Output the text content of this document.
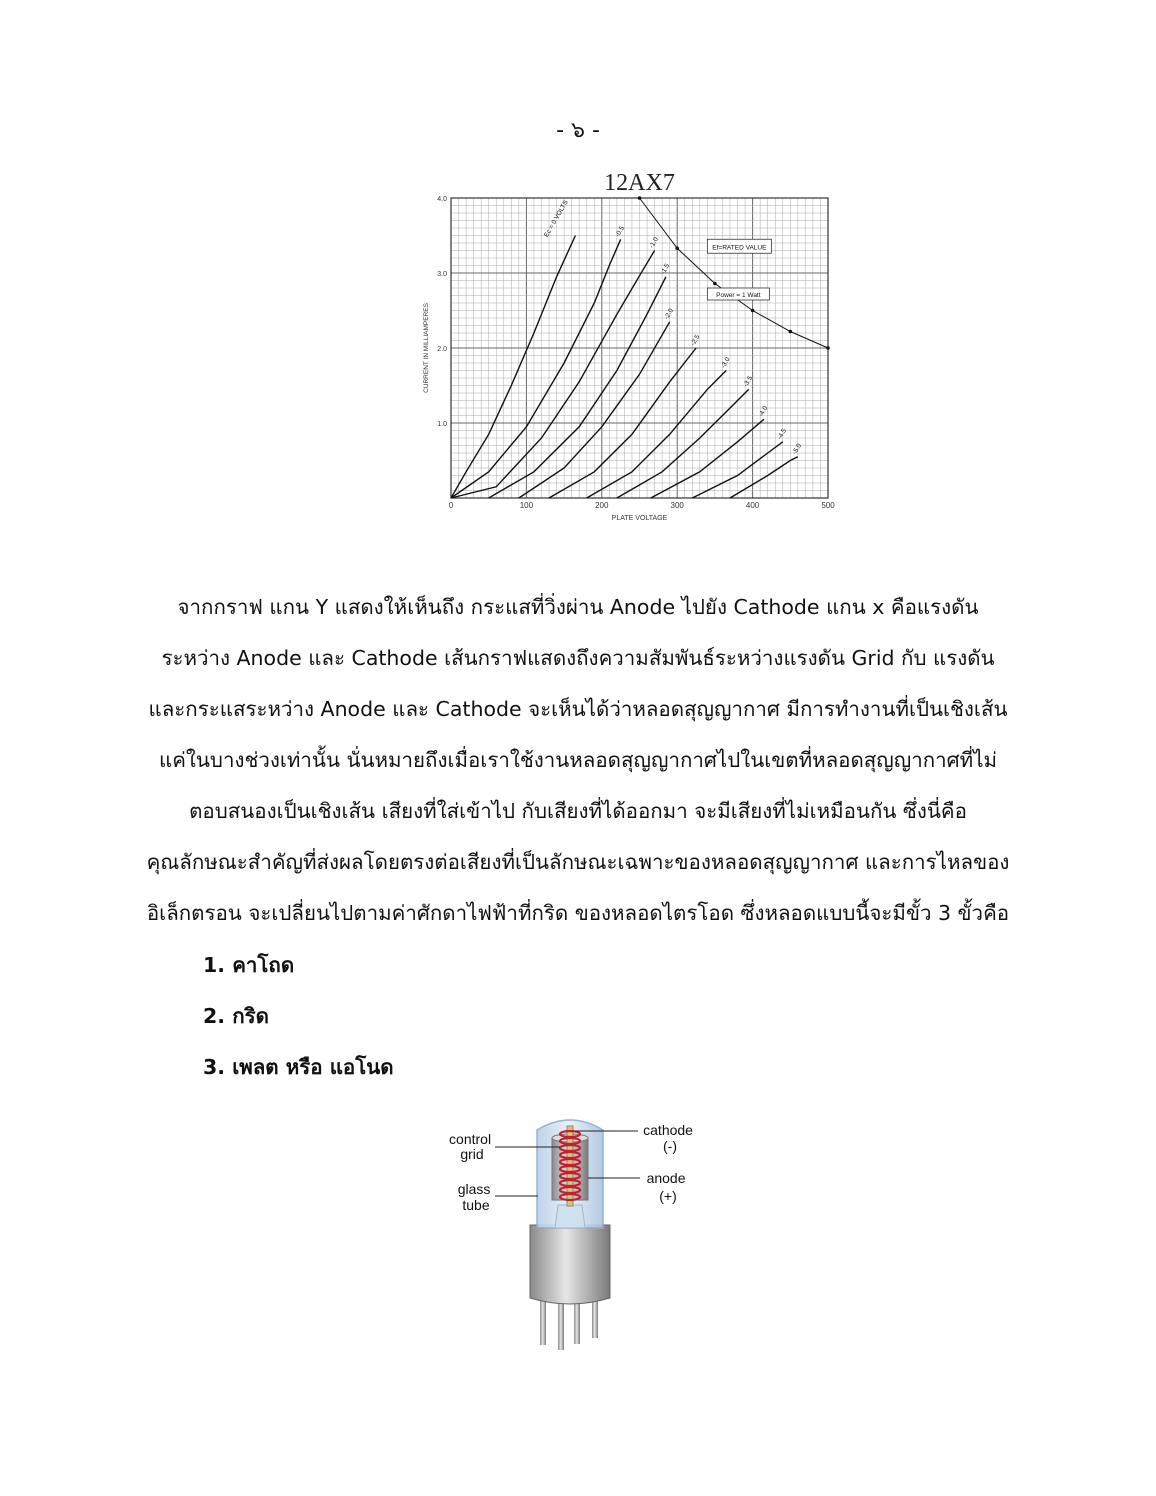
- ๖ -
12AX7
0	100	200	300	400	500
1.0
2.0
3.0
4.0
PLATE VOLTAGE
CURRENT IN MILLIAMPERES
Ec = 0 VOLTS	-0.5
-1.0
-1.5
-2.0
-2.5
-3.0
-3.5
-4.0
-4.5
-5.0
Ef=RATED VALUE
Power = 1 Watt

จากกราฟ แกน Y แสดงให้เห็นถึง กระแสที่วิ่งผ่าน Anode ไปยัง Cathode แกน x คือแรงดัน

ระหว่าง Anode และ Cathode เส้นกราฟแสดงถึงความสัมพันธ์ระหว่างแรงดัน Grid กับ แรงดัน

และกระแสระหว่าง Anode และ Cathode จะเห็นได้ว่าหลอดสุญญากาศ มีการทำงานที่เป็นเชิงเส้น

แค่ในบางช่วงเท่านั้น นั่นหมายถึงเมื่อเราใช้งานหลอดสุญญากาศไปในเขตที่หลอดสุญญากาศที่ไม่

ตอบสนองเป็นเชิงเส้น เสียงที่ใส่เข้าไป กับเสียงที่ได้ออกมา จะมีเสียงที่ไม่เหมือนกัน ซึ่งนี่คือ

คุณลักษณะสำคัญที่ส่งผลโดยตรงต่อเสียงที่เป็นลักษณะเฉพาะของหลอดสุญญากาศ และการไหลของ

อิเล็กตรอน จะเปลี่ยนไปตามค่าศักดาไฟฟ้าที่กริด ของหลอดไตรโอด ซึ่งหลอดแบบนี้จะมีขั้ว 3 ขั้วคือ

1. คาโถด
2. กริด
3. เพลต หรือ แอโนด
control grid
glass tube
cathode (-)
anode (+)
